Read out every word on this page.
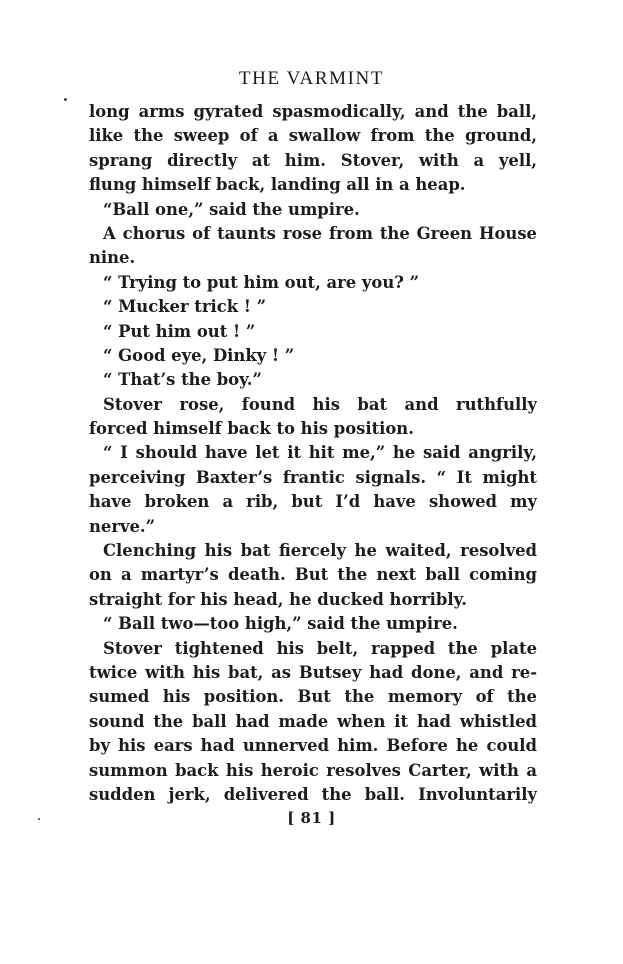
THE VARMINT
long arms gyrated spasmodically, and the ball,
like the sweep of a swallow from the ground,
sprang directly at him. Stover, with a yell,
flung himself back, landing all in a heap.
“Ball one,” said the umpire.
A chorus of taunts rose from the Green House
nine.
“ Trying to put him out, are you? ”
“ Mucker trick ! ”
“ Put him out ! ”
“ Good eye, Dinky ! ”
“ That’s the boy.”
Stover rose, found his bat and ruthfully
forced himself back to his position.
“ I should have let it hit me,” he said angrily,
perceiving Baxter’s frantic signals. “ It might
have broken a rib, but I’d have showed my
nerve.”
Clenching his bat fiercely he waited, resolved
on a martyr’s death. But the next ball coming
straight for his head, he ducked horribly.
“ Ball two—too high,” said the umpire.
Stover tightened his belt, rapped the plate
twice with his bat, as Butsey had done, and re-
sumed his position. But the memory of the
sound the ball had made when it had whistled
by his ears had unnerved him. Before he could
summon back his heroic resolves Carter, with a
sudden jerk, delivered the ball. Involuntarily
[ 81 ]
